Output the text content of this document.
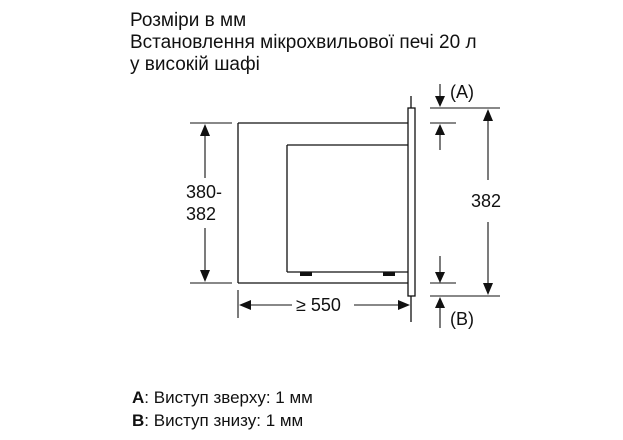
Розміри в мм
Встановлення мікрохвильової печі 20 л
у високій шафі
380-
382
382
(A)
(B)
≥ 550
A: Виступ зверху: 1 мм
B: Виступ знизу: 1 мм
